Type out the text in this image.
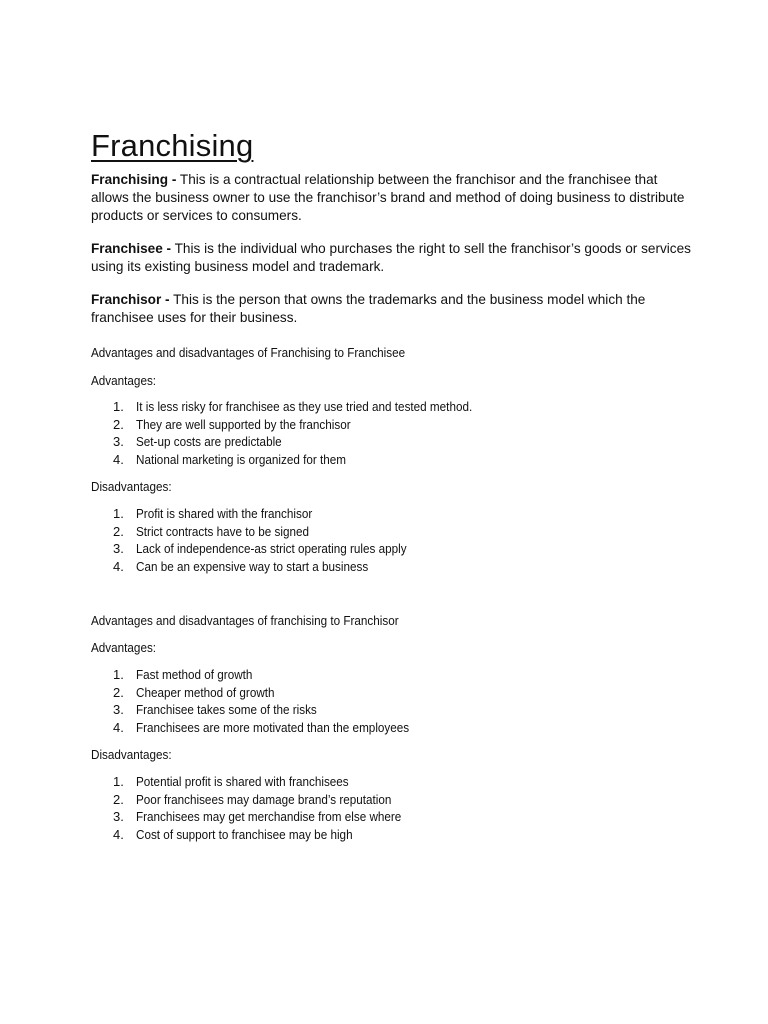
Franchising

Franchising - This is a contractual relationship between the franchisor and the franchisee that allows the business owner to use the franchisor’s brand and method of doing business to distribute products or services to consumers.

Franchisee - This is the individual who purchases the right to sell the franchisor’s goods or services using its existing business model and trademark.

Franchisor - This is the person that owns the trademarks and the business model which the franchisee uses for their business.

Advantages and disadvantages of Franchising to Franchisee

Advantages:

1. It is less risky for franchisee as they use tried and tested method.
2. They are well supported by the franchisor
3. Set-up costs are predictable
4. National marketing is organized for them

Disadvantages:

1. Profit is shared with the franchisor
2. Strict contracts have to be signed
3. Lack of independence-as strict operating rules apply
4. Can be an expensive way to start a business

Advantages and disadvantages of franchising to Franchisor

Advantages:

1. Fast method of growth
2. Cheaper method of growth
3. Franchisee takes some of the risks
4. Franchisees are more motivated than the employees

Disadvantages:

1. Potential profit is shared with franchisees
2. Poor franchisees may damage brand’s reputation
3. Franchisees may get merchandise from else where
4. Cost of support to franchisee may be high
